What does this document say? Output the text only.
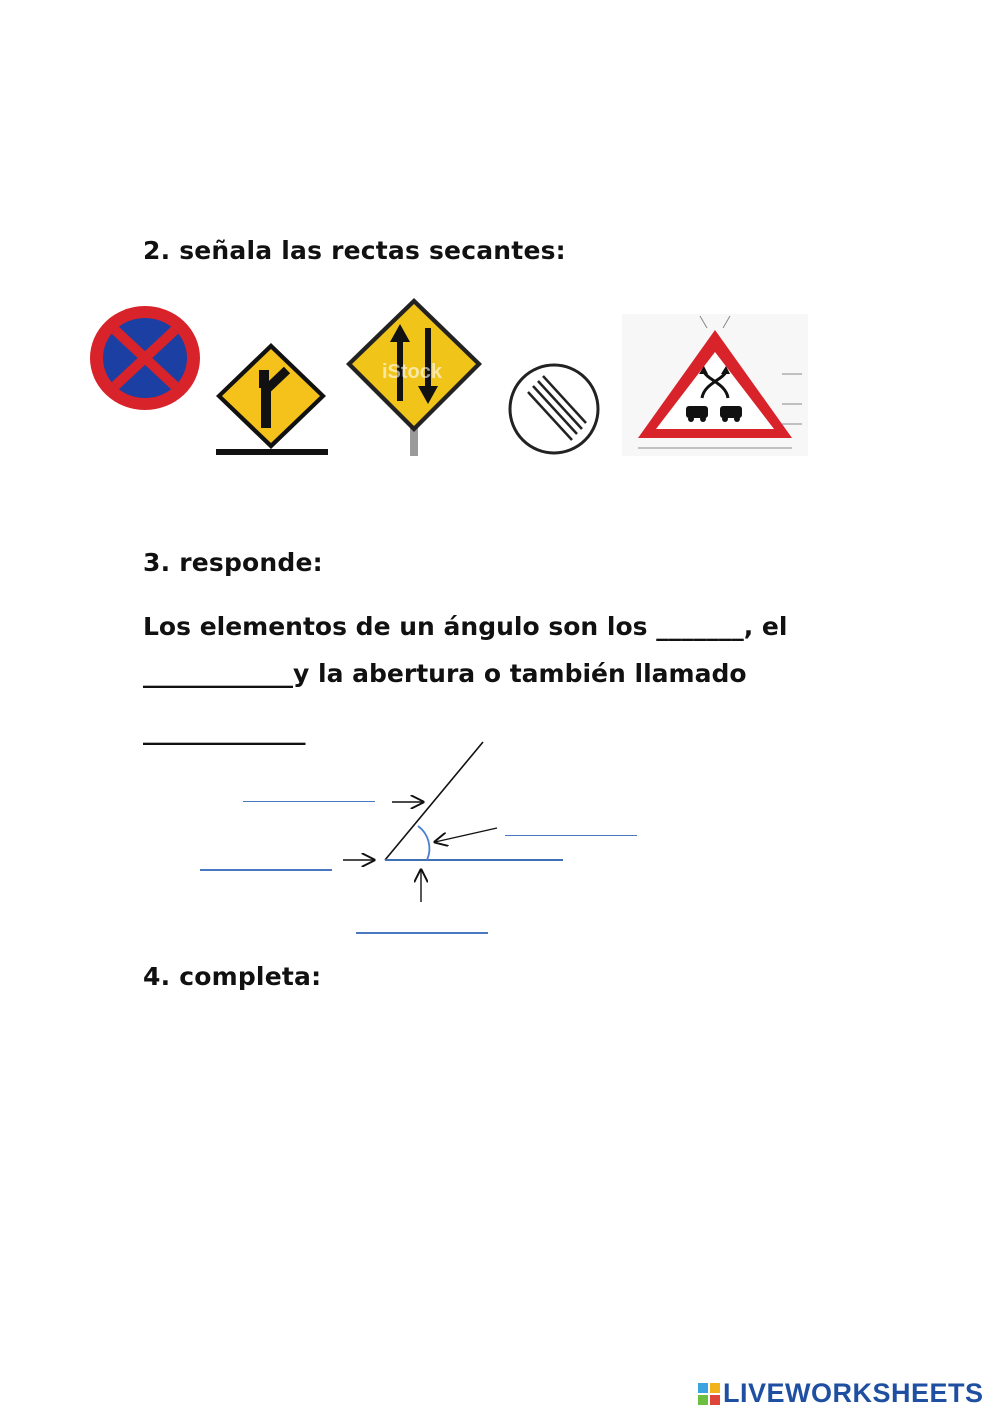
2. señala las rectas secantes:
iStock
3. responde:
Los elementos de un ángulo son los _______, el
____________y la abertura o también llamado
_____________
4. completa:
LIVEWORKSHEETS
